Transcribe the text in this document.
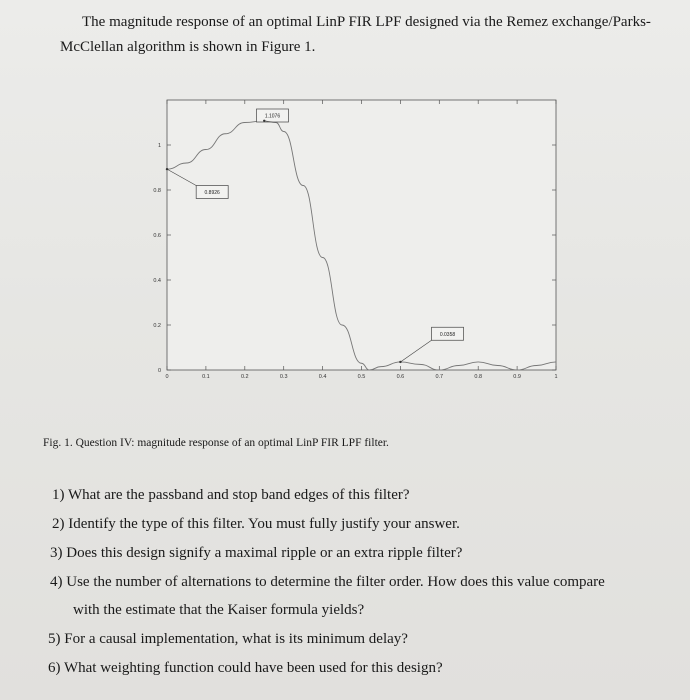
The magnitude response of an optimal LinP FIR LPF designed via the Remez exchange/Parks-
McClellan algorithm is shown in Figure 1.
0	0.1	0.2	0.3	0.4	0.5	0.6	0.7	0.8	0.9	1
0
0.2
0.4
0.6
0.8
1
1.1076
0.8926
0.0358
Fig. 1. Question IV: magnitude response of an optimal LinP FIR LPF filter.
1) What are the passband and stop band edges of this filter?
2) Identify the type of this filter. You must fully justify your answer.
3) Does this design signify a maximal ripple or an extra ripple filter?
4) Use the number of alternations to determine the filter order. How does this value compare
with the estimate that the Kaiser formula yields?
5) For a causal implementation, what is its minimum delay?
6) What weighting function could have been used for this design?
